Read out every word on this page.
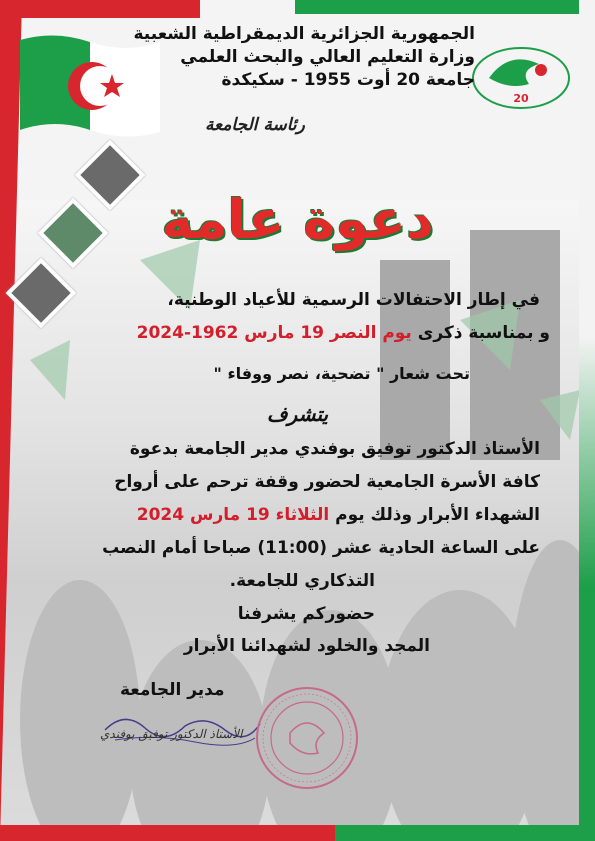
20
الجمهورية الجزائرية الديمقراطية الشعبية
وزارة التعليم العالي والبحث العلمي
جامعة 20 أوت 1955 - سكيكدة
رئاسة الجامعة
دعوة عامة
في إطار الاحتفالات الرسمية للأعياد الوطنية،
و بمناسبة ذكرى يوم النصر 19 مارس 1962-2024
تحت شعار " تضحية، نصر ووفاء "
يتشرف
الأستاذ الدكتور توفيق بوفندي مدير الجامعة بدعوة
كافة الأسرة الجامعية لحضور وقفة ترحم على أرواح
الشهداء الأبرار وذلك يوم الثلاثاء 19 مارس 2024
على الساعة الحادية عشر (11:00) صباحا أمام النصب
التذكاري للجامعة.
حضوركم يشرفنا
المجد والخلود لشهدائنا الأبرار
مدير الجامعة
الأستاذ الدكتور توفيق بوفندي
